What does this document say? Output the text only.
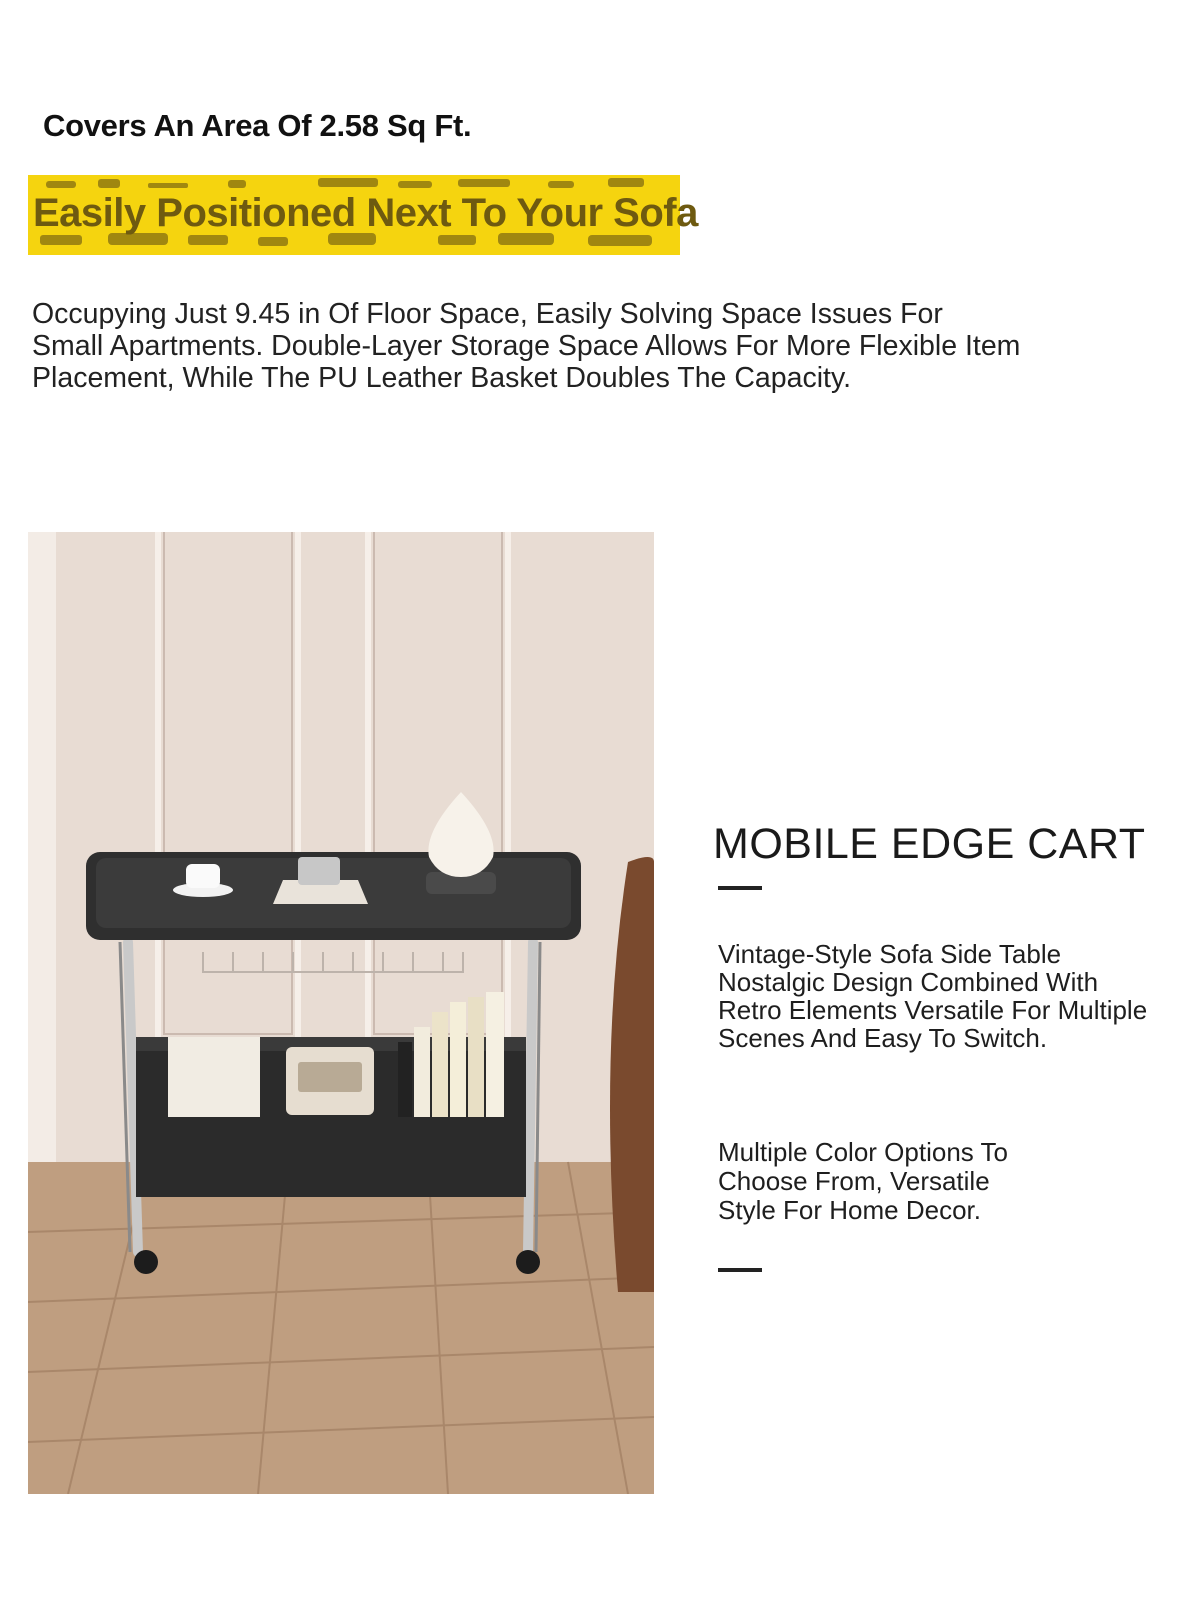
Covers An Area Of 2.58 Sq Ft.
Easily Positioned Next To Your Sofa
Occupying Just 9.45 in Of Floor Space, Easily Solving Space Issues For Small Apartments. Double-Layer Storage Space Allows For More Flexible Item Placement, While The PU Leather Basket Doubles The Capacity.
MOBILE EDGE CART
Vintage-Style Sofa Side Table Nostalgic Design Combined With Retro Elements Versatile For Multiple Scenes And Easy To Switch.
Multiple Color Options To Choose From, Versatile Style For Home Decor.
